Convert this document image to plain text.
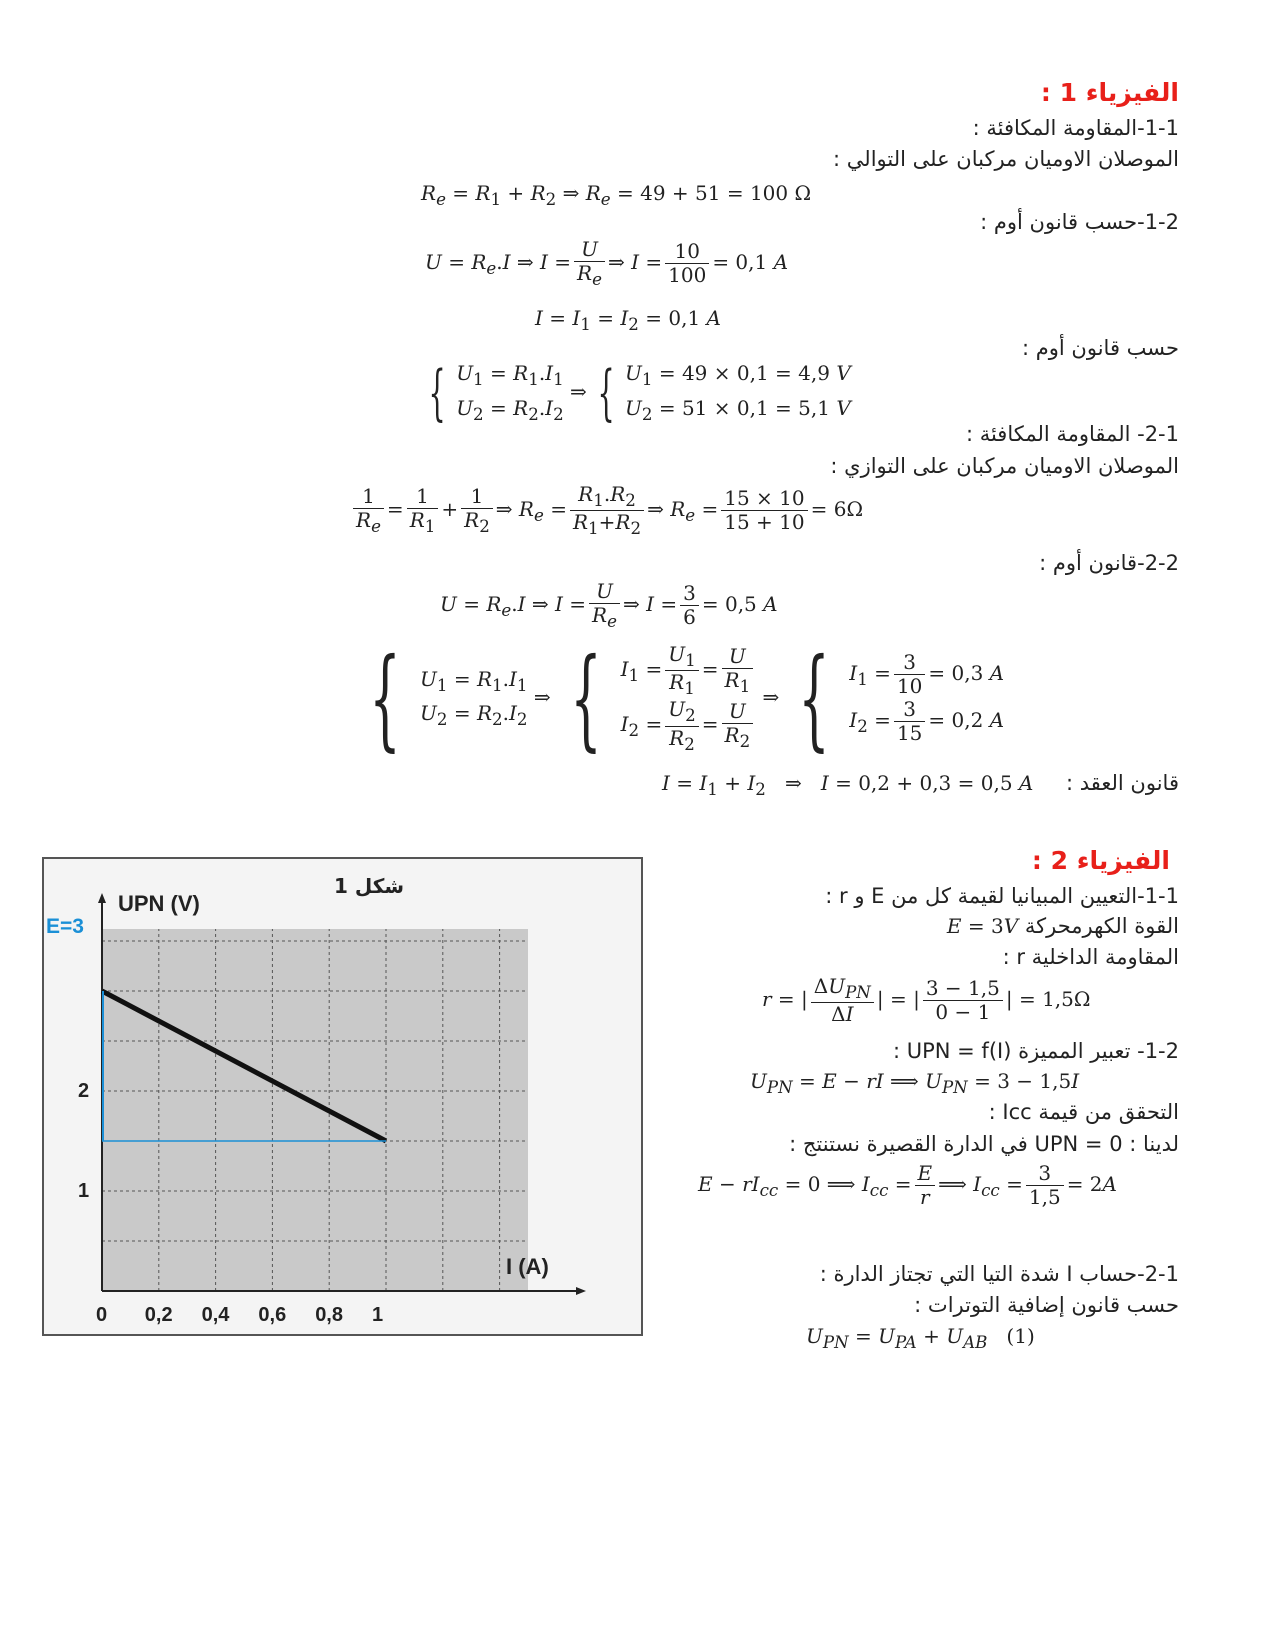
الفيزياء 1 :
1-1-المقاومة المكافئة :
الموصلان الاوميان مركبان على التوالي :
$R_e = R_1 + R_2$ ⇒ $R_e = 49 + 51 = 100$ Ω
1-2-حسب قانون أوم :
$U = R_e.I$ ⇒ $I = \frac{U}{R_e}$ ⇒ $I = \frac{10}{100} = 0,1$ A
$I = I_1 = I_2 = 0,1$ A
حسب قانون أوم :
{ $U_1 = R_1.I_1$
$U_2 = R_2.I_2$ ⇒ { $U_1 = 49 \times 0,1 = 4,9$ V
$U_2 = 51 \times 0,1 = 5,1$ V
2-1- المقاومة المكافئة :
الموصلان الاوميان مركبان على التوازي :
$\frac{1}{R_e} = \frac{1}{R_1} + \frac{1}{R_2}$ ⇒ $R_e = \frac{R_1.R_2}{R_1+R_2}$ ⇒ $R_e = \frac{15 \times 10}{15 + 10} = 6\Omega$
2-2-قانون أوم :
$U = R_e.I$ ⇒ $I = \frac{U}{R_e}$ ⇒ $I = \frac{3}{6} = 0,5$ A
{ $U_1 = R_1.I_1$
$U_2 = R_2.I_2$ ⇒ { $I_1 = \frac{U_1}{R_1} = \frac{U}{R_1}$

$I_2 = \frac{U_2}{R_2} = \frac{U}{R_2}$
⇒ { $I_1 = \frac{3}{10} = 0,3$ A
$I_2 = \frac{3}{15} = 0,2$ A
قانون العقد :
$I = I_1 + I_2$   ⇒   I = 0,2 + 0,3 = 0,5 A
الفيزياء 2 :
1-1-التعيين المبيانيا لقيمة كل من E و r :
القوة الكهرمحركة E = 3V
المقاومة الداخلية r :
r = | $\frac{\Delta U_{PN}}{\Delta I}$ | = | $\frac{3 - 1,5}{0 - 1}$ | = 1,5Ω
1-2- تعبير المميزة UPN = f(I) :
$U_{PN} = E$ − rI ⟹ $U_{PN} = 3 - 1,5I$
التحقق من قيمة Icc :
لدينا : 0 = UPN في الدارة القصيرة نستنتج :
$E - rI_{cc} = 0$ ⟹ $I_{cc} = \frac{E}{r}$ ⟹ $I_{cc} = \frac{3}{1,5} = 2A$
2-1-حساب I شدة التيا التي تجتاز الدارة :
حسب قانون إضافية التوترات :
$U_{PN} = U_{PA} + U_{AB}$   (1)
0 0,2 0,4 0,6 0,8 1
1
2
UPN (V)
I (A)
شكل 1
E=3
